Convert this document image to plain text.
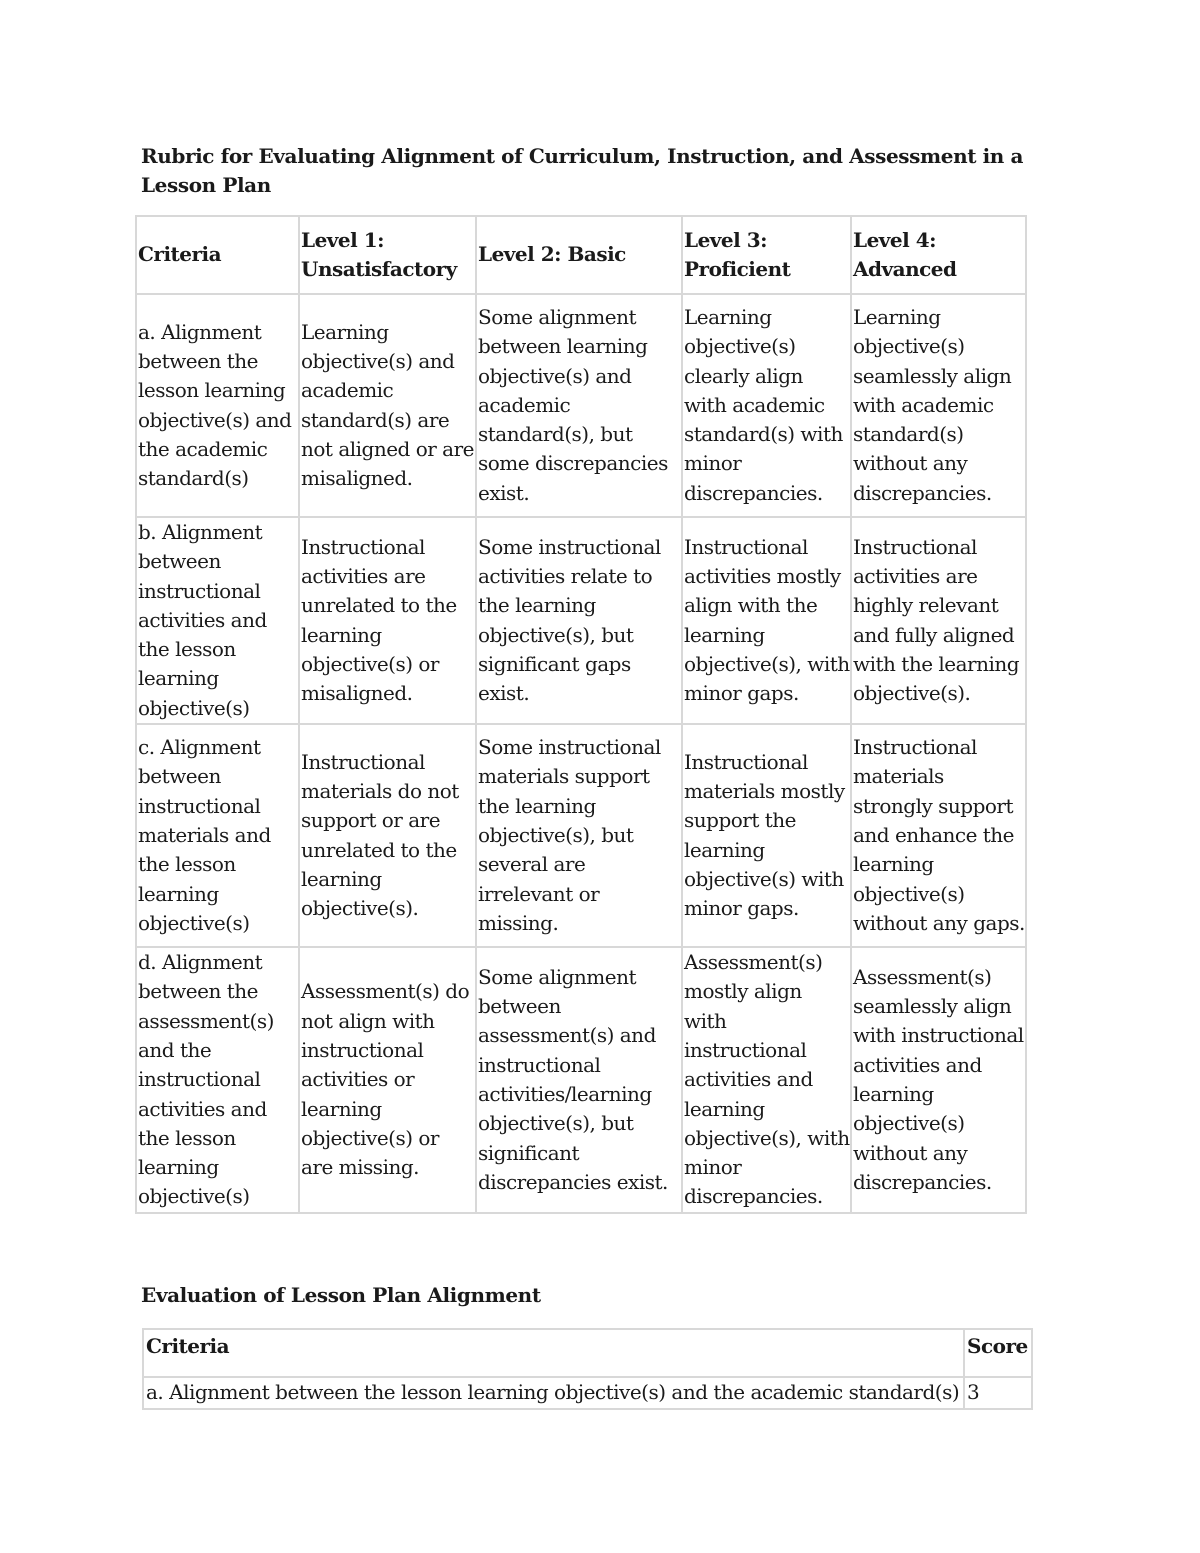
Rubric for Evaluating Alignment of Curriculum, Instruction, and Assessment in a Lesson Plan
Criteria	Level 1: Unsatisfactory	Level 2: Basic	Level 3: Proficient	Level 4: Advanced
a. Alignment between the lesson learning objective(s) and the academic standard(s)	Learning objective(s) and academic standard(s) are not aligned or are misaligned.	Some alignment between learning objective(s) and academic standard(s), but some discrepancies exist.	Learning objective(s) clearly align with academic standard(s) with minor discrepancies.	Learning objective(s) seamlessly align with academic standard(s) without any discrepancies.
b. Alignment between instructional activities and the lesson learning objective(s)	Instructional activities are unrelated to the learning objective(s) or misaligned.	Some instructional activities relate to the learning objective(s), but significant gaps exist.	Instructional activities mostly align with the learning objective(s), with minor gaps.	Instructional activities are highly relevant and fully aligned with the learning objective(s).
c. Alignment between instructional materials and the lesson learning objective(s)	Instructional materials do not support or are unrelated to the learning objective(s).	Some instructional materials support the learning objective(s), but several are irrelevant or missing.	Instructional materials mostly support the learning objective(s) with minor gaps.	Instructional materials strongly support and enhance the learning objective(s) without any gaps.
d. Alignment between the assessment(s) and the instructional activities and the lesson learning objective(s)	Assessment(s) do not align with instructional activities or learning objective(s) or are missing.	Some alignment between assessment(s) and instructional activities/learning objective(s), but significant discrepancies exist.	Assessment(s) mostly align with instructional activities and learning objective(s), with minor discrepancies.	Assessment(s) seamlessly align with instructional activities and learning objective(s) without any discrepancies.
Evaluation of Lesson Plan Alignment
Criteria	Score
a. Alignment between the lesson learning objective(s) and the academic standard(s)	3
